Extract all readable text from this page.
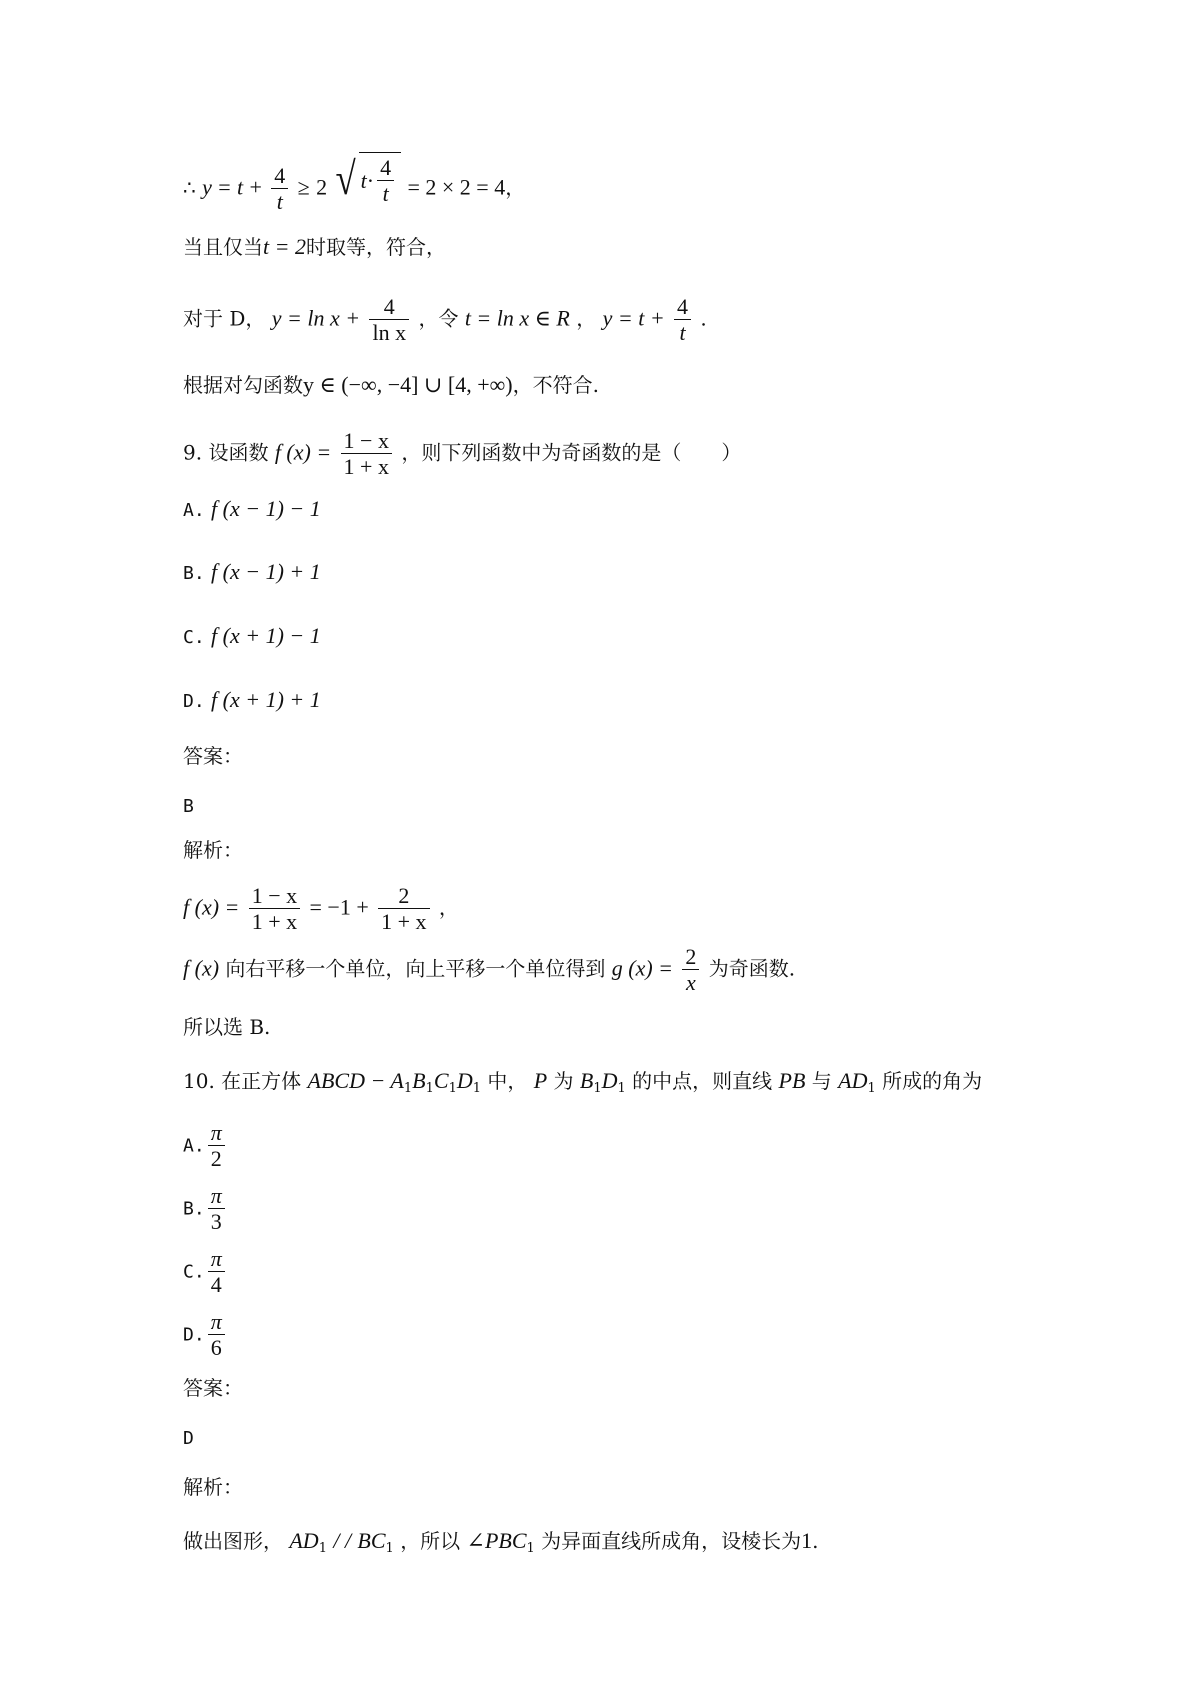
∴ $y = t + \frac{4}{t} \ge 2$ √ $t \cdot \frac{4}{t} = 2 \times 2 = 4$，
当且仅当t = 2时取等，符合，
对于 D， $y = \ln x + \frac{4}{\text{ln x}}$ ，令 t = ln x ∈ R ， $y = t + \frac{4}{t}$ .
根据对勾函数y ∈ (−∞, −4] ∪ [4, +∞)，不符合.
9. 设函数 f $(x) = \frac{1 - x}{1 + x}$ ，则下列函数中为奇函数的是（　　）
A. f (x − 1) − 1
B. f (x − 1) + 1
C. f (x + 1) − 1
D. f (x + 1) + 1
答案：
B
解析：
f $(x) = \frac{1 - x}{1 + x} = -1 + \frac{2}{1 + x}$ ，
f (x) 向右平移一个单位，向上平移一个单位得到 g $(x) = \frac{2}{x}$ 为奇函数.
所以选 B.
10. 在正方体 ABCD − $A_1B_1C_1D_1$ 中， P 为 $B_1D_1$ 的中点，则直线 PB 与 $AD_1$ 所成的角为
A. $\frac{\pi}{2}$
B. $\frac{\pi}{3}$
C. $\frac{\pi}{4}$
D. $\frac{\pi}{6}$
答案：
D
解析：
做出图形， $AD_1$ / / $BC_1$ ，所以 $\angle PBC_1$ 为异面直线所成角，设棱长为1.
